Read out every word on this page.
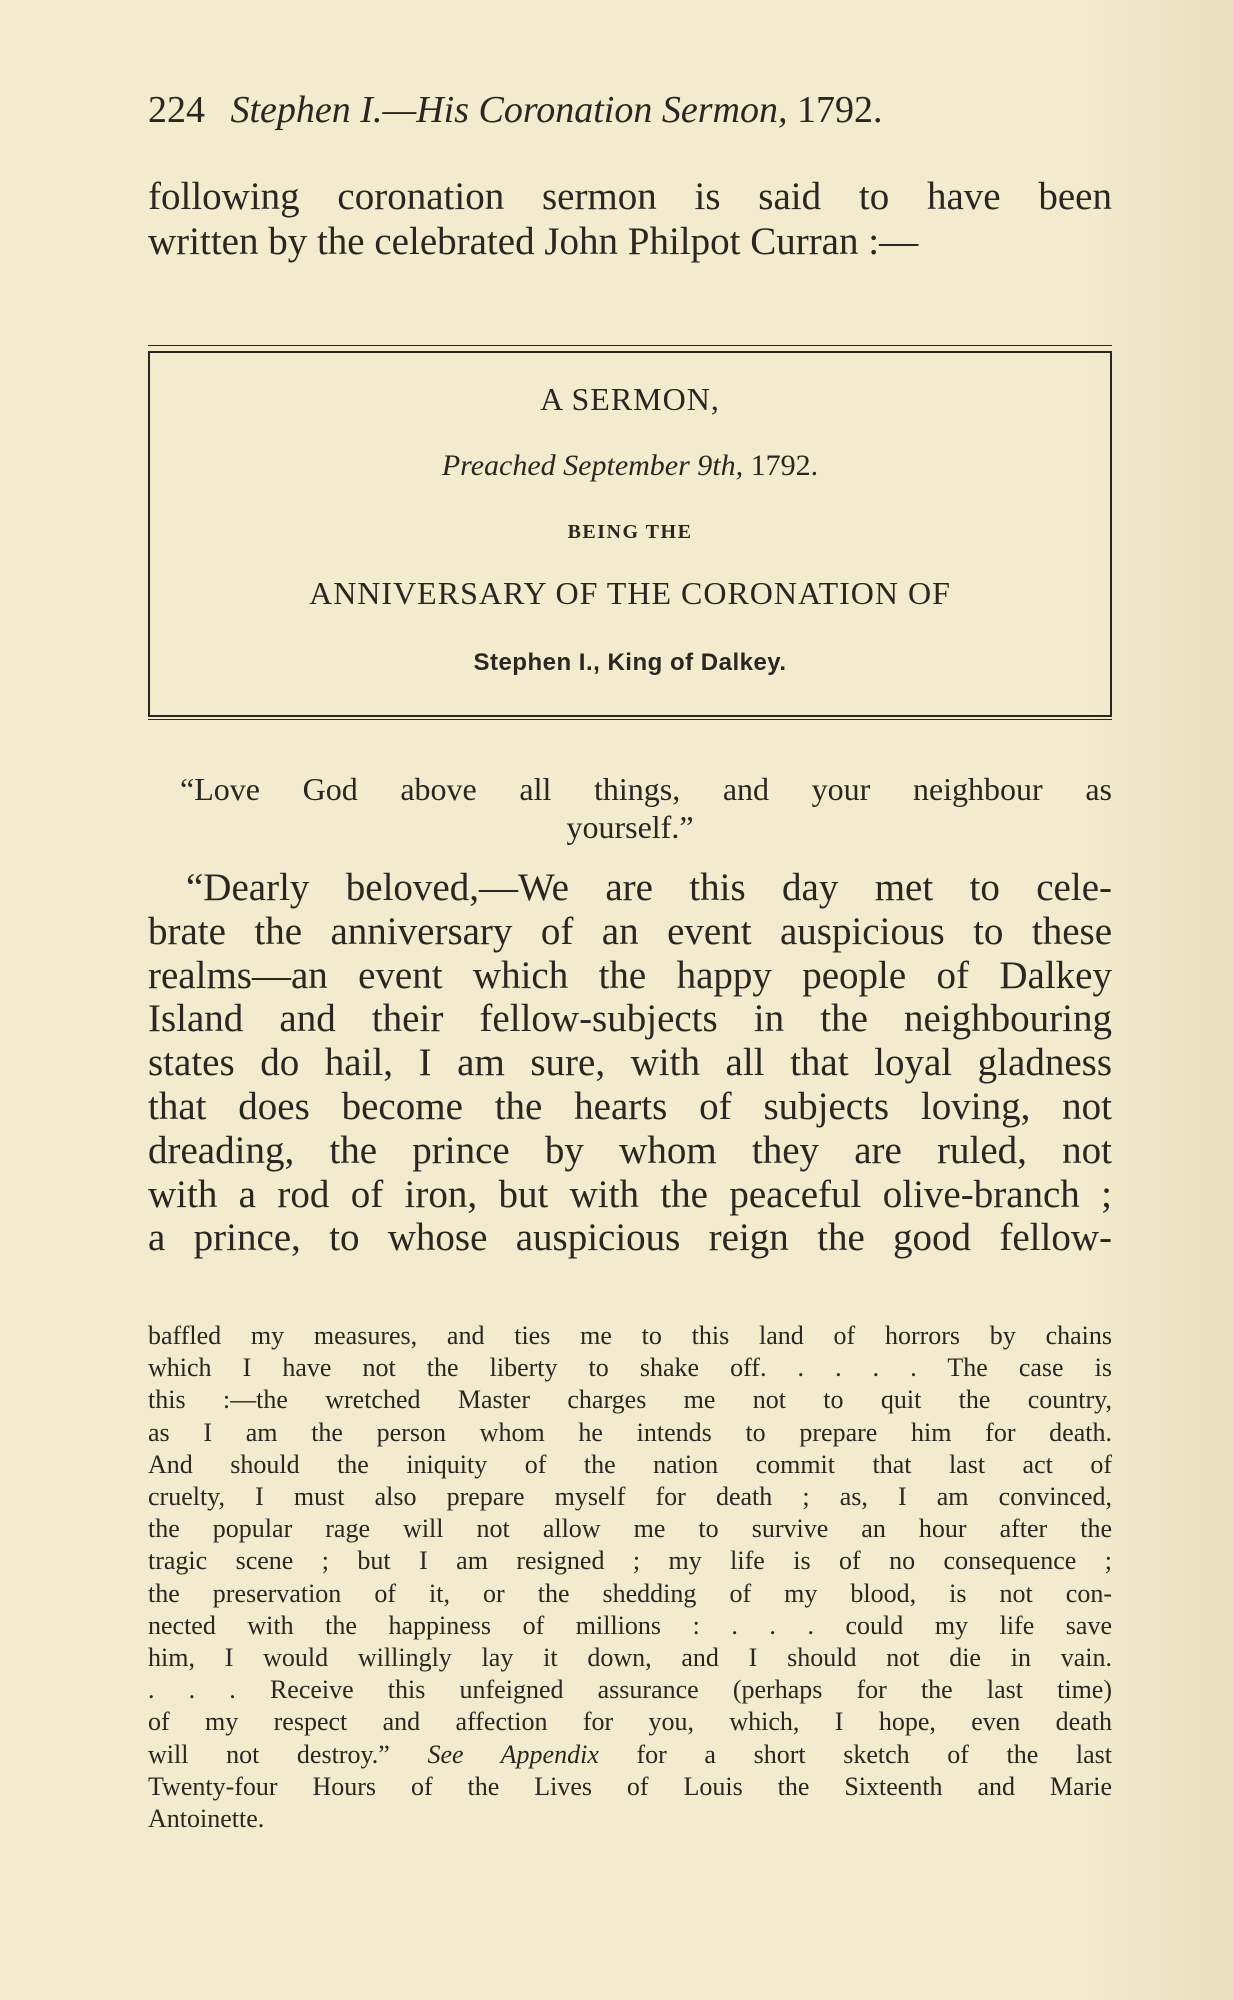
224 Stephen I.—His Coronation Sermon, 1792.
following coronation sermon is said to have been
written by the celebrated John Philpot Curran :—
A SERMON,
Preached September 9th, 1792.
BEING THE
ANNIVERSARY OF THE CORONATION OF
Stephen I., King of Dalkey.
“Love God above all things, and your neighbour as
yourself.”
“Dearly beloved,—We are this day met to cele-
brate the anniversary of an event auspicious to these
realms—an event which the happy people of Dalkey
Island and their fellow-subjects in the neighbouring
states do hail, I am sure, with all that loyal gladness
that does become the hearts of subjects loving, not
dreading, the prince by whom they are ruled, not
with a rod of iron, but with the peaceful olive-branch ;
a prince, to whose auspicious reign the good fellow-
baffled my measures, and ties me to this land of horrors by chains
which I have not the liberty to shake off. . . . . The case is
this :—the wretched Master charges me not to quit the country,
as I am the person whom he intends to prepare him for death.
And should the iniquity of the nation commit that last act of
cruelty, I must also prepare myself for death ; as, I am convinced,
the popular rage will not allow me to survive an hour after the
tragic scene ; but I am resigned ; my life is of no consequence ;
the preservation of it, or the shedding of my blood, is not con-
nected with the happiness of millions : . . . could my life save
him, I would willingly lay it down, and I should not die in vain.
. . . Receive this unfeigned assurance (perhaps for the last time)
of my respect and affection for you, which, I hope, even death
will not destroy.” See Appendix for a short sketch of the last
Twenty-four Hours of the Lives of Louis the Sixteenth and Marie
Antoinette.
